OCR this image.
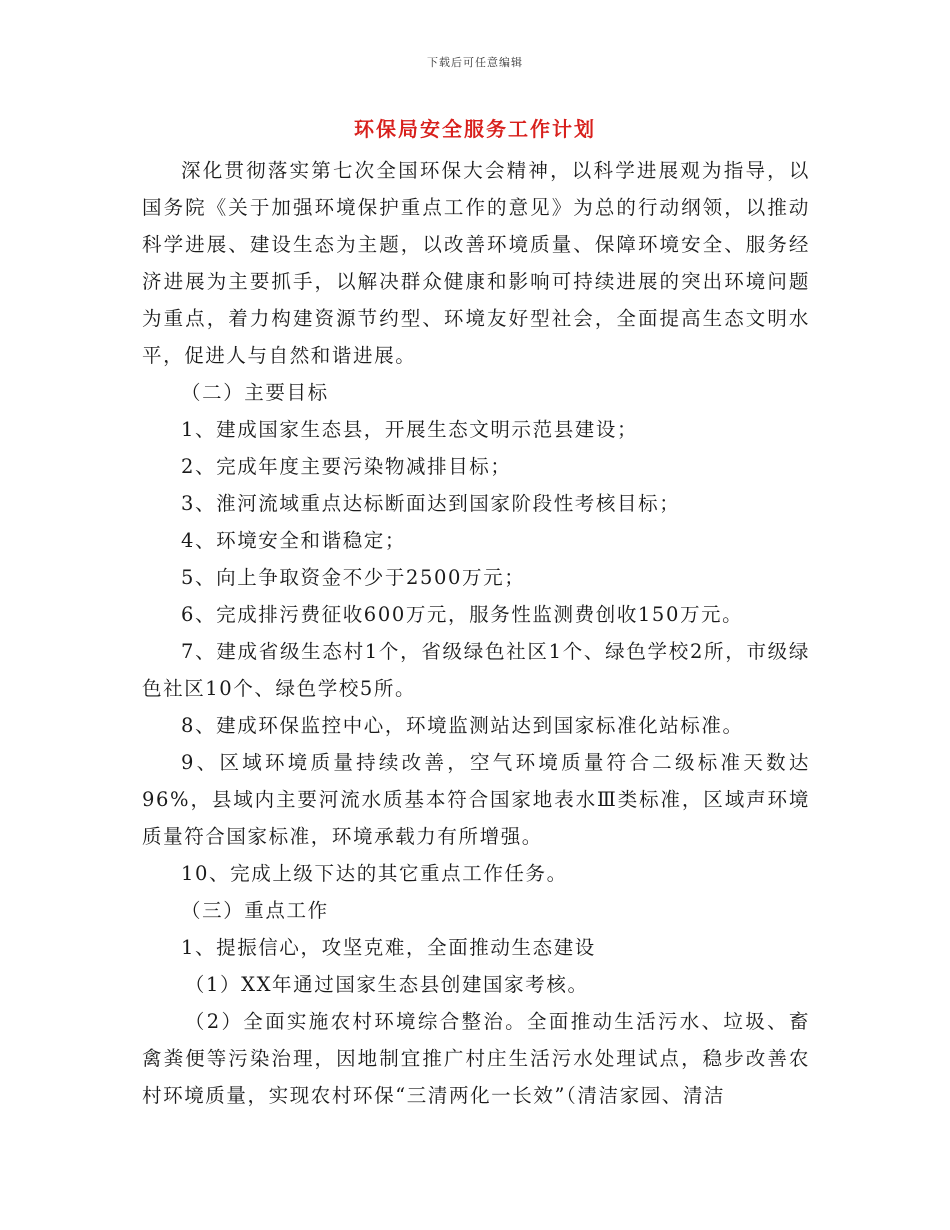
下载后可任意编辑
环保局安全服务工作计划

深化贯彻落实第七次全国环保大会精神，以科学进展观为指导，以国务院《关于加强环境保护重点工作的意见》为总的行动纲领，以推动科学进展、建设生态为主题，以改善环境质量、保障环境安全、服务经济进展为主要抓手，以解决群众健康和影响可持续进展的突出环境问题为重点，着力构建资源节约型、环境友好型社会，全面提高生态文明水平，促进人与自然和谐进展。

（二）主要目标

1、建成国家生态县，开展生态文明示范县建设；

2、完成年度主要污染物减排目标；

3、淮河流域重点达标断面达到国家阶段性考核目标；

4、环境安全和谐稳定；

5、向上争取资金不少于2500万元；

6、完成排污费征收600万元，服务性监测费创收150万元。

7、建成省级生态村1个，省级绿色社区1个、绿色学校2所，市级绿色社区10个、绿色学校5所。

8、建成环保监控中心，环境监测站达到国家标准化站标准。

9、区域环境质量持续改善，空气环境质量符合二级标准天数达96%，县域内主要河流水质基本符合国家地表水Ⅲ类标准，区域声环境质量符合国家标准，环境承载力有所增强。

10、完成上级下达的其它重点工作任务。

（三）重点工作

1、提振信心，攻坚克难，全面推动生态建设

（1）XX年通过国家生态县创建国家考核。

（2）全面实施农村环境综合整治。全面推动生活污水、垃圾、畜禽粪便等污染治理，因地制宜推广村庄生活污水处理试点，稳步改善农村环境质量，实现农村环保“三清两化一长效”（清洁家园、清洁
